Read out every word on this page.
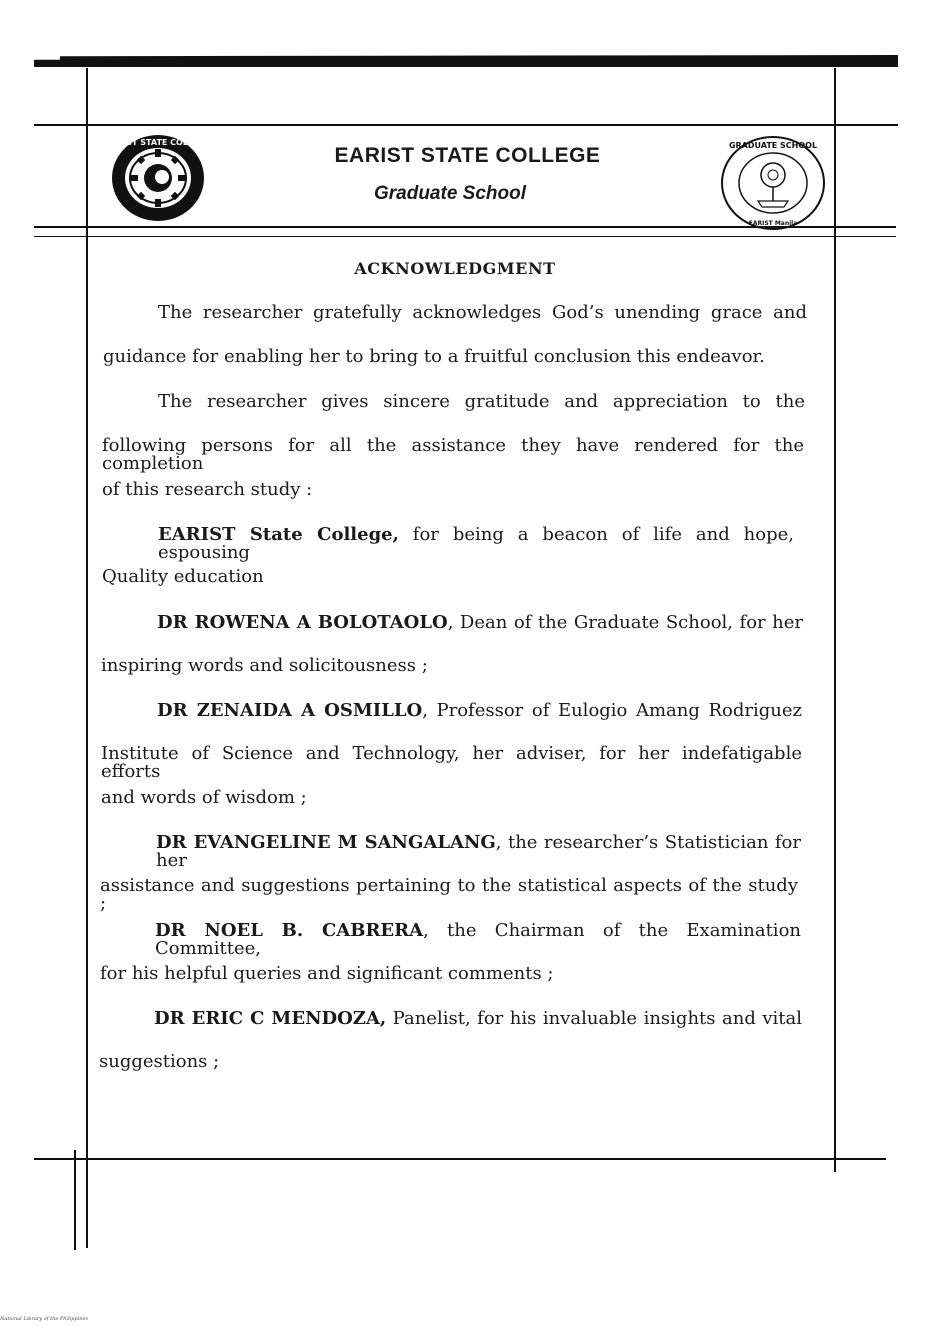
EARIST STATE COLLEGE
EARIST STATE COLLEGE
Graduate School
GRADUATE SCHOOL
EARIST Manila
ACKNOWLEDGMENT
The researcher gratefully acknowledges God’s unending grace and
guidance for enabling her to bring to a fruitful conclusion this endeavor.
The researcher gives sincere gratitude and appreciation to the
following persons for all the assistance they have rendered for the completion
of this research study :
EARIST State College, for being a beacon of life and hope, espousing
Quality education
DR ROWENA A BOLOTAOLO, Dean of the Graduate School, for her
inspiring words and solicitousness ;
DR ZENAIDA A OSMILLO, Professor of Eulogio Amang Rodriguez
Institute of Science and Technology, her adviser, for her indefatigable efforts
and words of wisdom ;
DR EVANGELINE M SANGALANG, the researcher’s Statistician for her
assistance and suggestions pertaining to the statistical aspects of the study ;
DR NOEL B. CABRERA, the Chairman of the Examination Committee,
for his helpful queries and significant comments ;
DR ERIC C MENDOZA, Panelist, for his invaluable insights and vital
suggestions ;
National Library of the Philippines
